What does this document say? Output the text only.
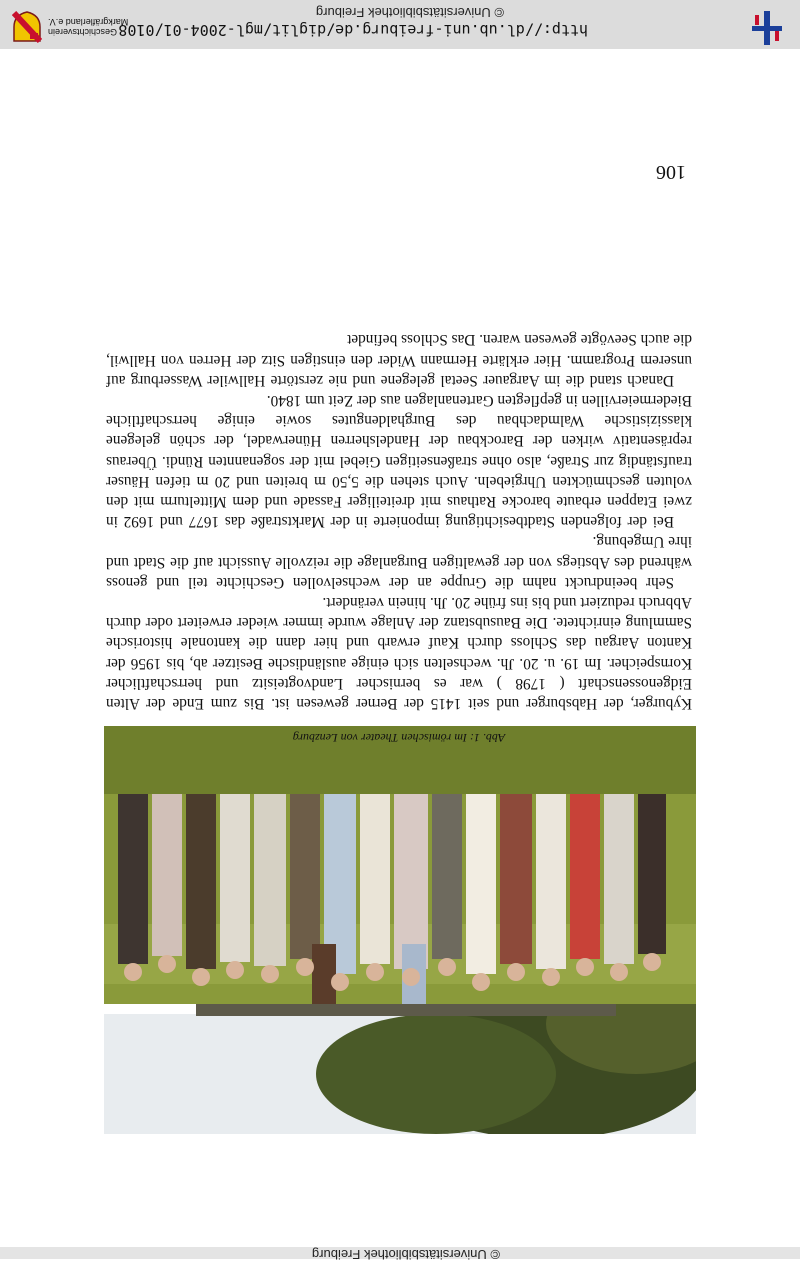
© Universitätsbibliothek Freiburg
Abb. 1: Im römischen Theater von Lenzburg

Kyburger, der Habsburger und seit 1415 der Berner gewesen ist. Bis zum Ende der Alten Eidgenossenschaft ( 1798 ) war es bernischer Landvogteisitz und herrschaftlicher Kornspeicher. Im 19. u. 20. Jh. wechselten sich einige ausländische Besitzer ab, bis 1956 der Kanton Aargau das Schloss durch Kauf erwarb und hier dann die kantonale historische Sammlung einrichtete. Die Bausubstanz der Anlage wurde immer wieder erweitert oder durch Abbruch reduziert und bis ins frühe 20. Jh. hinein verändert.

Sehr beeindruckt nahm die Gruppe an der wechselvollen Geschichte teil und genoss während des Abstiegs von der gewaltigen Burganlage die reizvolle Aussicht auf die Stadt und ihre Umgebung.

Bei der folgenden Stadtbesichtigung imponierte in der Marktstraße das 1677 und 1692 in zwei Etappen erbaute barocke Rathaus mit dreiteiliger Fassade und dem Mittelturm mit den voluten geschmückten Uhrgiebeln. Auch stehen die 5,50 m breiten und 20 m tiefen Häuser traufständig zur Straße, also ohne straßenseitigen Giebel mit der sogenannten Ründi. Überaus repräsentativ wirken der Barockbau der Handelsherren Hünerwadel, der schön gelegene klassizistische Walmdachbau des Burghaldengutes sowie einige herrschaftliche Biedermeiervillen in gepflegten Gartenanlagen aus der Zeit um 1840.

Danach stand die im Aargauer Seetal gelegene und nie zerstörte Hallwiler Wasserburg auf unserem Programm. Hier erklärte Hermann Wider den einstigen Sitz der Herren von Hallwil, die auch Seevögte gewesen waren. Das Schloss befindet

106
http://dl.ub.uni-freiburg.de/diglit/mgl-2004-01/0108
© Universitätsbibliothek Freiburg
Geschichtsverein
Markgräflerland e.V.
